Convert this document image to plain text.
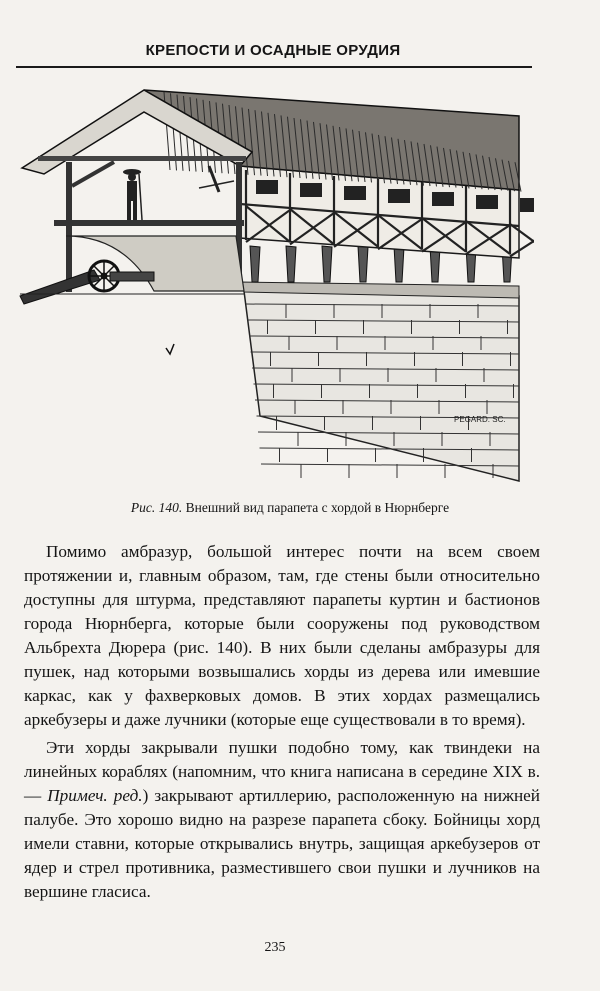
КРЕПОСТИ И ОСАДНЫЕ ОРУДИЯ
PEGARD. SC.
Рис. 140. Внешний вид парапета с хордой в Нюрнберге

Помимо амбразур, большой интерес почти на всем своем протяжении и, главным образом, там, где стены были относительно доступны для штурма, представляют парапеты куртин и бастионов города Нюрнберга, которые были сооружены под руководством Альбрехта Дюрера (рис. 140). В них были сделаны амбразуры для пушек, над которыми возвышались хорды из дерева или имевшие каркас, как у фахверковых домов. В этих хордах размещались аркебузеры и даже лучники (которые еще существовали в то время).

Эти хорды закрывали пушки подобно тому, как твиндеки на линейных кораблях (напомним, что книга написана в середине XIX в. — Примеч. ред.) закрывают артиллерию, расположенную на нижней палубе. Это хорошо видно на разрезе парапета сбоку. Бойницы хорд имели ставни, которые открывались внутрь, защищая аркебузеров от ядер и стрел противника, разместившего свои пушки и лучников на вершине гласиса.

235
